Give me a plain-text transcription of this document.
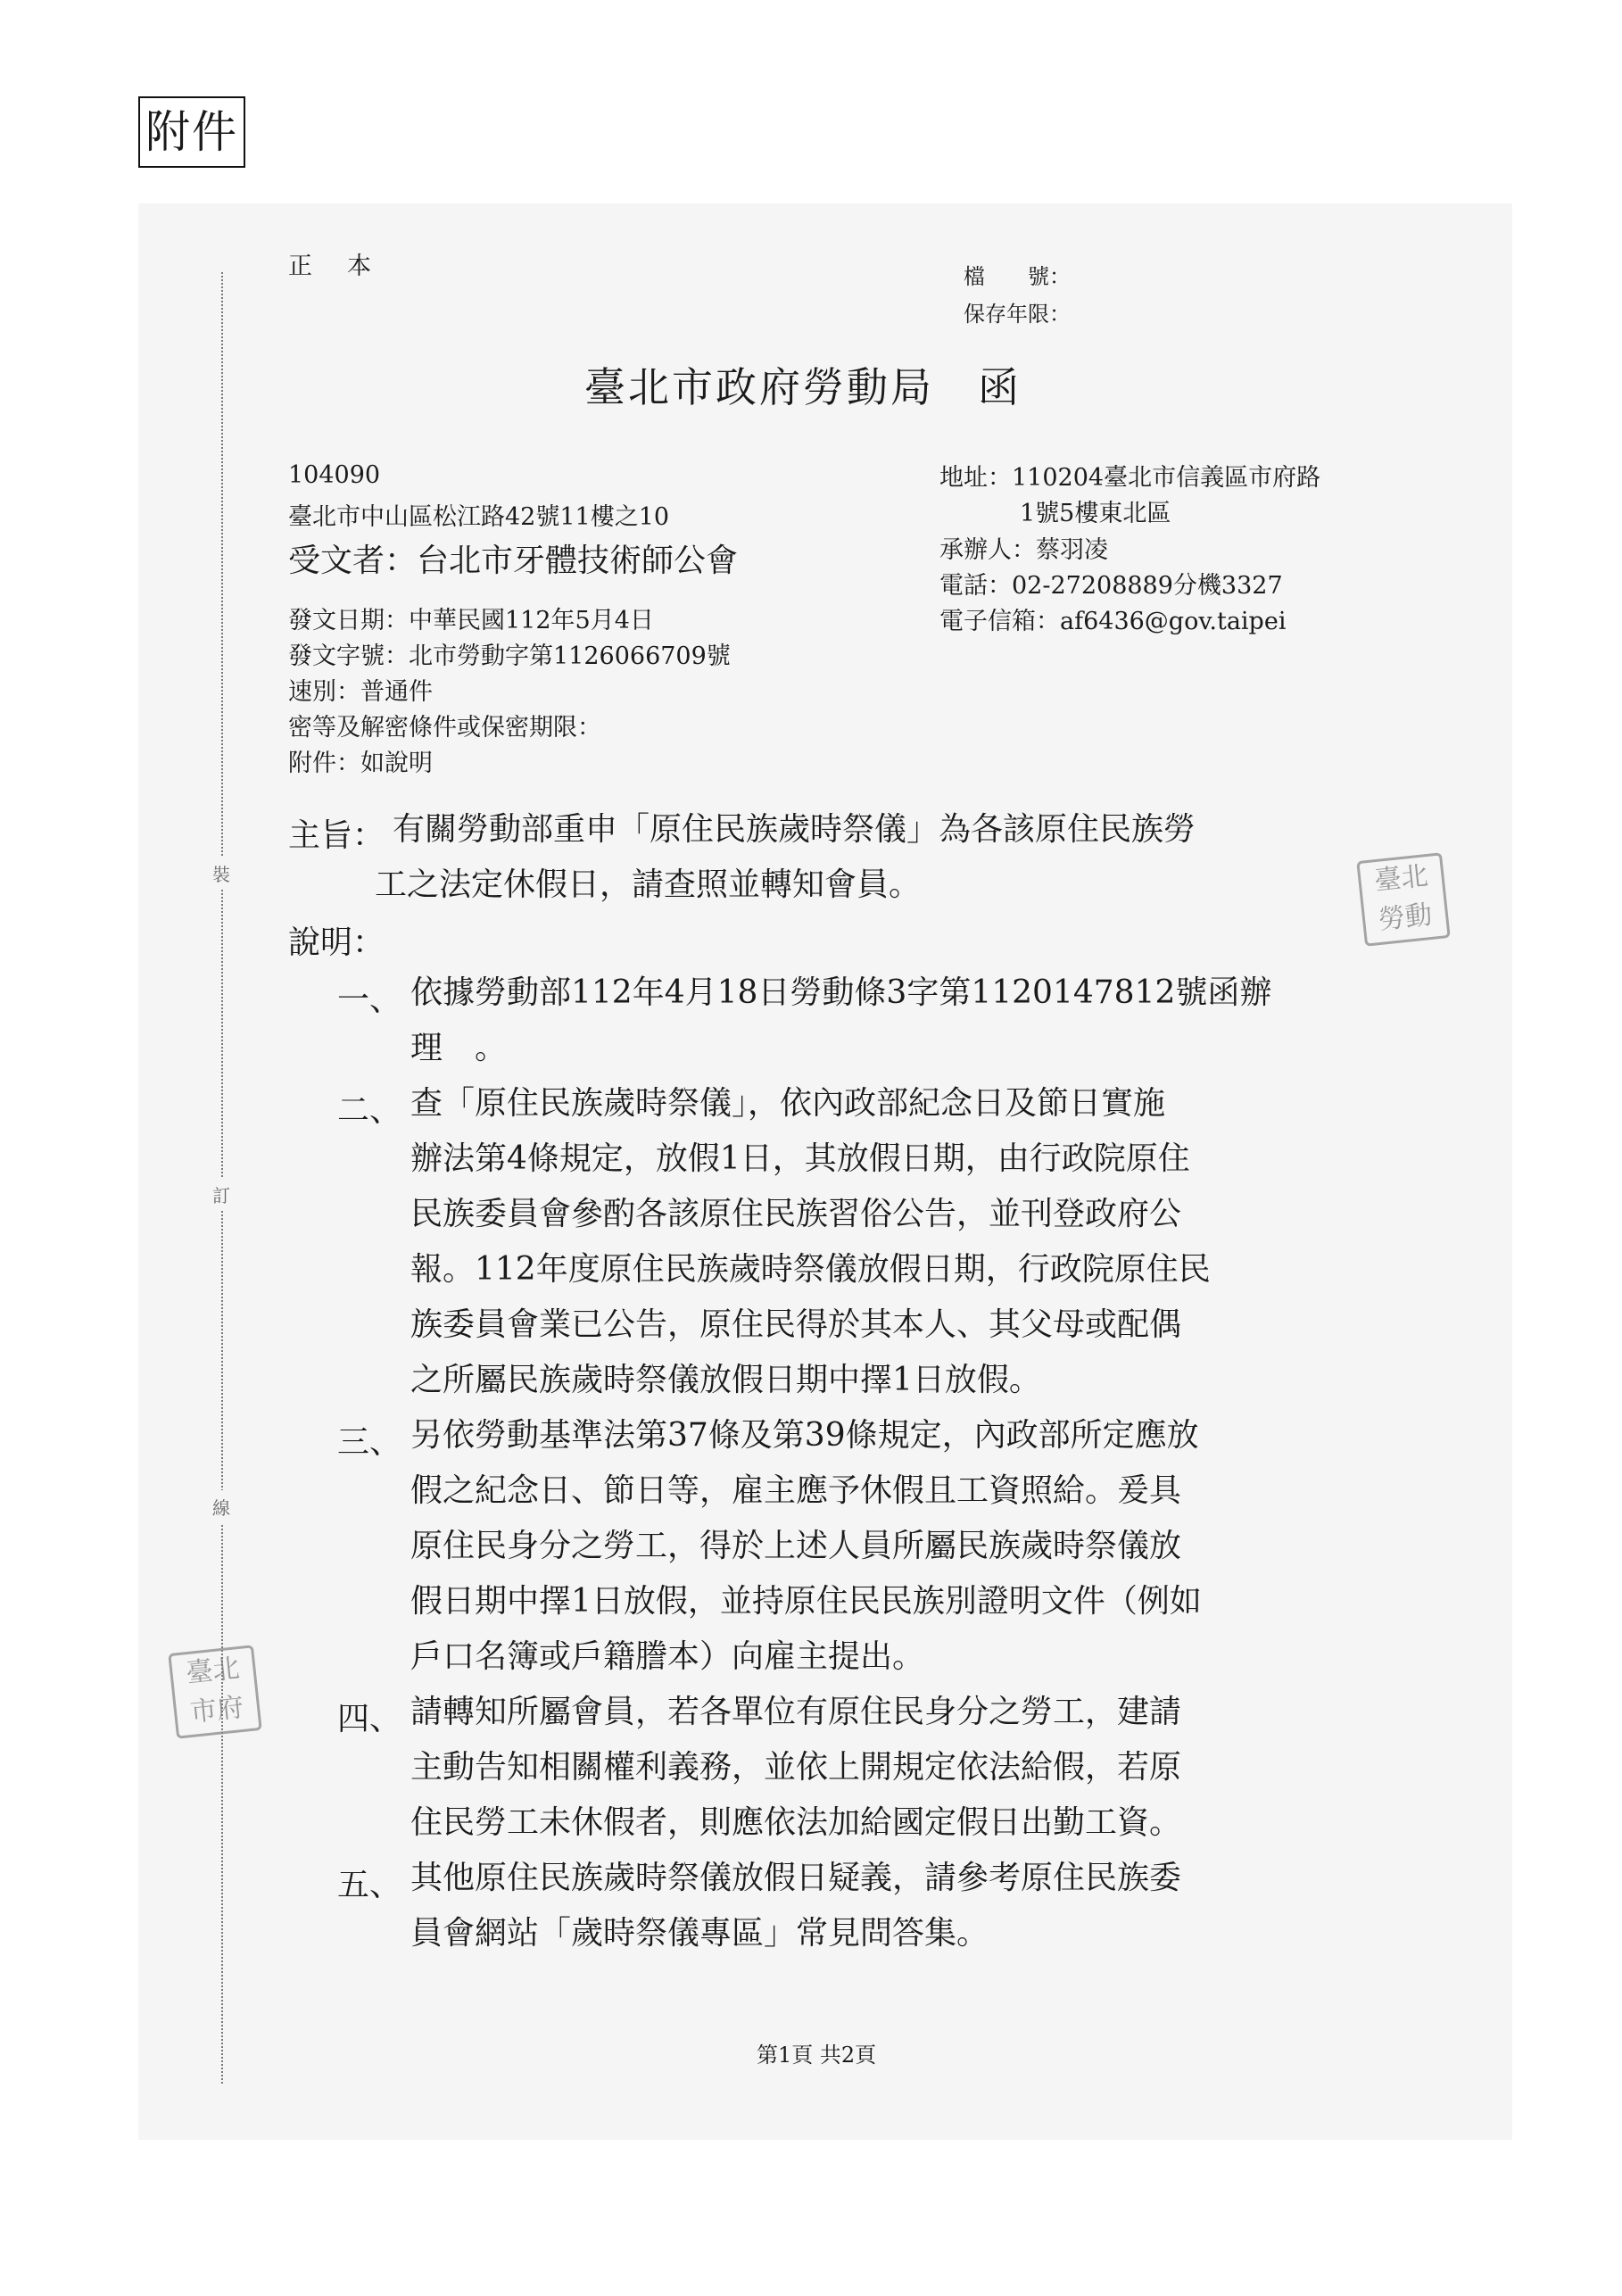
附件
裝
訂
線
正　本	檔　　號：
保存年限：
臺北市政府勞動局　函
104090
臺北市中山區松江路42號11樓之10
受文者：台北市牙體技術師公會
地址：110204臺北市信義區市府路
1號5樓東北區
承辦人：蔡羽凌
電話：02-27208889分機3327
電子信箱：af6436@gov.taipei
發文日期：中華民國112年5月4日
發文字號：北市勞動字第1126066709號
速別：普通件
密等及解密條件或保密期限：
附件：如說明
主旨： 有關勞動部重申「原住民族歲時祭儀」為各該原住民族勞
工之法定休假日，請查照並轉知會員。
說明：
一、 依據勞動部112年4月18日勞動條3字第1120147812號函辦
理　。
二、 查「原住民族歲時祭儀」，依內政部紀念日及節日實施
辦法第4條規定，放假1日，其放假日期，由行政院原住
民族委員會參酌各該原住民族習俗公告，並刊登政府公
報。112年度原住民族歲時祭儀放假日期，行政院原住民
族委員會業已公告，原住民得於其本人、其父母或配偶
之所屬民族歲時祭儀放假日期中擇1日放假。
三、 另依勞動基準法第37條及第39條規定，內政部所定應放
假之紀念日、節日等，雇主應予休假且工資照給。爰具
原住民身分之勞工，得於上述人員所屬民族歲時祭儀放
假日期中擇1日放假，並持原住民民族別證明文件（例如
戶口名簿或戶籍謄本）向雇主提出。
四、 請轉知所屬會員，若各單位有原住民身分之勞工，建請
主動告知相關權利義務，並依上開規定依法給假，若原
住民勞工未休假者，則應依法加給國定假日出勤工資。
五、 其他原住民族歲時祭儀放假日疑義，請參考原住民族委
員會網站「歲時祭儀專區」常見問答集。
臺北
勞動
臺北
市府
第1頁 共2頁
